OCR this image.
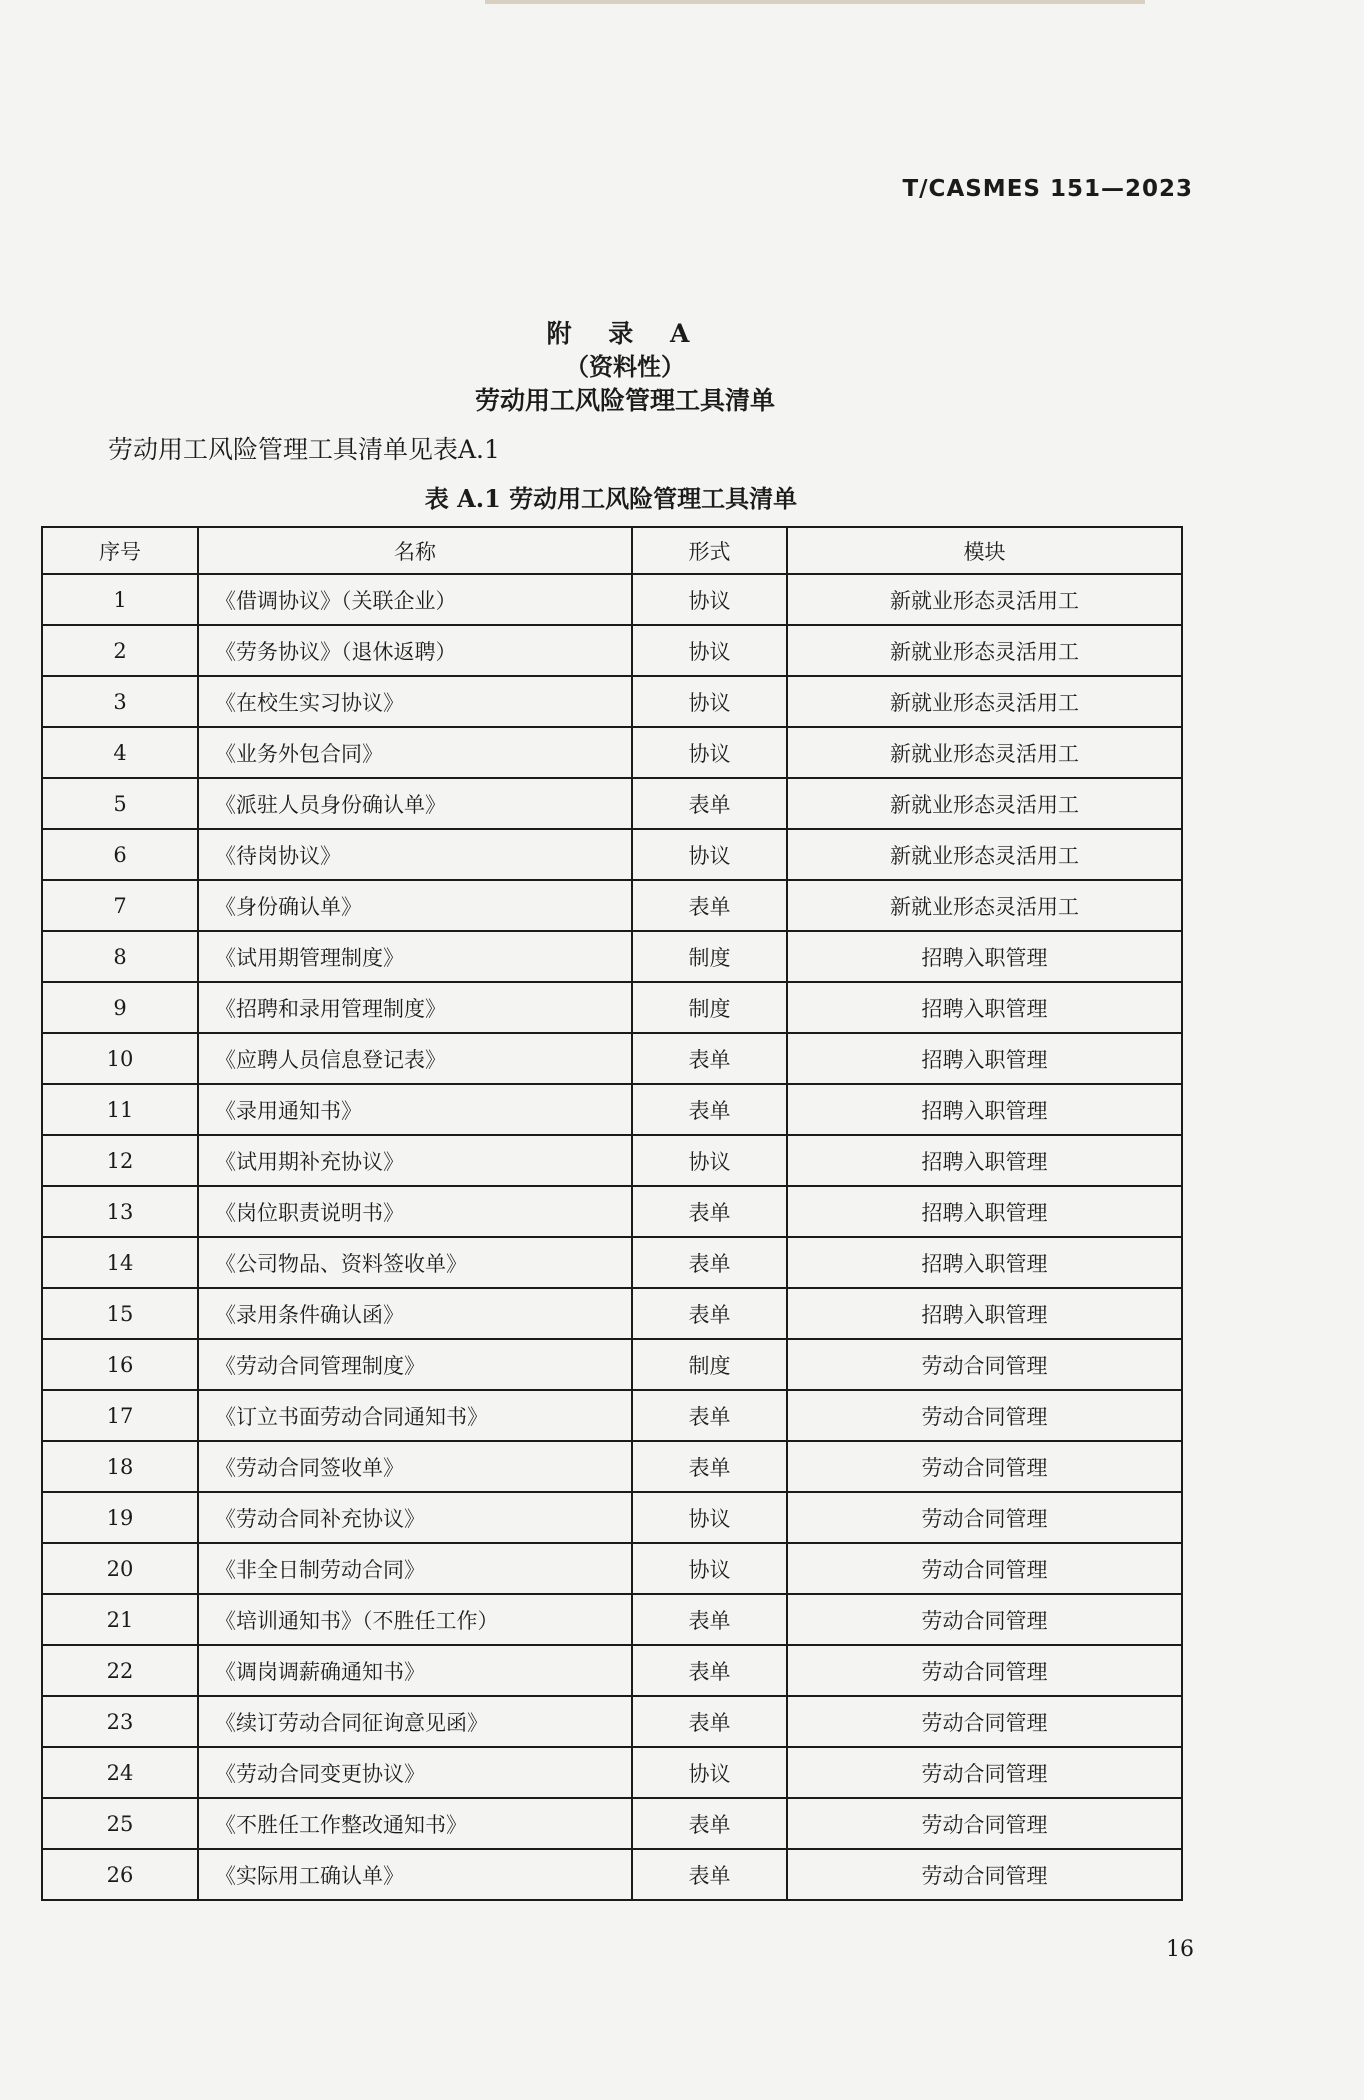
T/CASMES 151—2023
附 录 A
（资料性）
劳动用工风险管理工具清单
劳动用工风险管理工具清单见表A.1
表 A.1 劳动用工风险管理工具清单
序号	名称	形式	模块
1	《借调协议》（关联企业）	协议	新就业形态灵活用工
2	《劳务协议》（退休返聘）	协议	新就业形态灵活用工
3	《在校生实习协议》	协议	新就业形态灵活用工
4	《业务外包合同》	协议	新就业形态灵活用工
5	《派驻人员身份确认单》	表单	新就业形态灵活用工
6	《待岗协议》	协议	新就业形态灵活用工
7	《身份确认单》	表单	新就业形态灵活用工
8	《试用期管理制度》	制度	招聘入职管理
9	《招聘和录用管理制度》	制度	招聘入职管理
10	《应聘人员信息登记表》	表单	招聘入职管理
11	《录用通知书》	表单	招聘入职管理
12	《试用期补充协议》	协议	招聘入职管理
13	《岗位职责说明书》	表单	招聘入职管理
14	《公司物品、资料签收单》	表单	招聘入职管理
15	《录用条件确认函》	表单	招聘入职管理
16	《劳动合同管理制度》	制度	劳动合同管理
17	《订立书面劳动合同通知书》	表单	劳动合同管理
18	《劳动合同签收单》	表单	劳动合同管理
19	《劳动合同补充协议》	协议	劳动合同管理
20	《非全日制劳动合同》	协议	劳动合同管理
21	《培训通知书》（不胜任工作）	表单	劳动合同管理
22	《调岗调薪确通知书》	表单	劳动合同管理
23	《续订劳动合同征询意见函》	表单	劳动合同管理
24	《劳动合同变更协议》	协议	劳动合同管理
25	《不胜任工作整改通知书》	表单	劳动合同管理
26	《实际用工确认单》	表单	劳动合同管理
16
